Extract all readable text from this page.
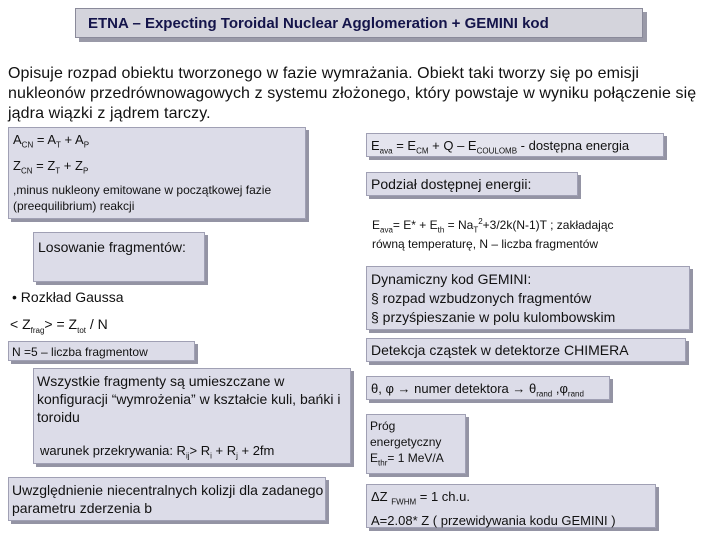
ETNA – Expecting Toroidal Nuclear Agglomeration + GEMINI kod
Opisuje rozpad obiektu tworzonego w fazie wymrażania. Obiekt taki tworzy się po emisji nukleonów przedrównowagowych z systemu złożonego, który powstaje w wyniku połączenie się jądra wiązki z jądrem tarczy.
$A_{CN} = A_T + A_P$
$Z_{CN} = Z_T + Z_P$
,minus nukleony emitowane w początkowej fazie (preequilibrium) reakcji
Losowanie fragmentów:
• Rozkład Gaussa
< $Z_{frag}> = Z_{tot} / N$
N =5 – liczba fragmentow
Wszystkie fragmenty są umieszczane w konfiguracji “wymrożenia” w kształcie kuli, bańki i toroidu
warunek przekrywania: $R_{ij}> R_i + R_j + 2fm$
Uwzględnienie niecentralnych kolizji dla zadanego parametru zderzenia b
$E_{ava} = E_{CM} + Q - E_{COULOMB}$ - dostępna energia
Podział dostępnej energii:
$E_{ava}= E* + E_{th} = Na_T^2+3/2k(N-1)T$ ; zakładając
równą temperaturę, N – liczba fragmentów
Dynamiczny kod GEMINI:
§ rozpad wzbudzonych fragmentów
§ przyśpieszanie w polu kulombowskim
Detekcja cząstek w detektorze CHIMERA
θ, φ → numer detektora → $\theta_{rand}$ $,\varphi_{rand}$
Próg
energetyczny
$E_{thr}= 1$ MeV/A
ΔZ $_{FWHM}$ = 1 ch.u.
A=2.08* Z ( przewidywania kodu GEMINI )
